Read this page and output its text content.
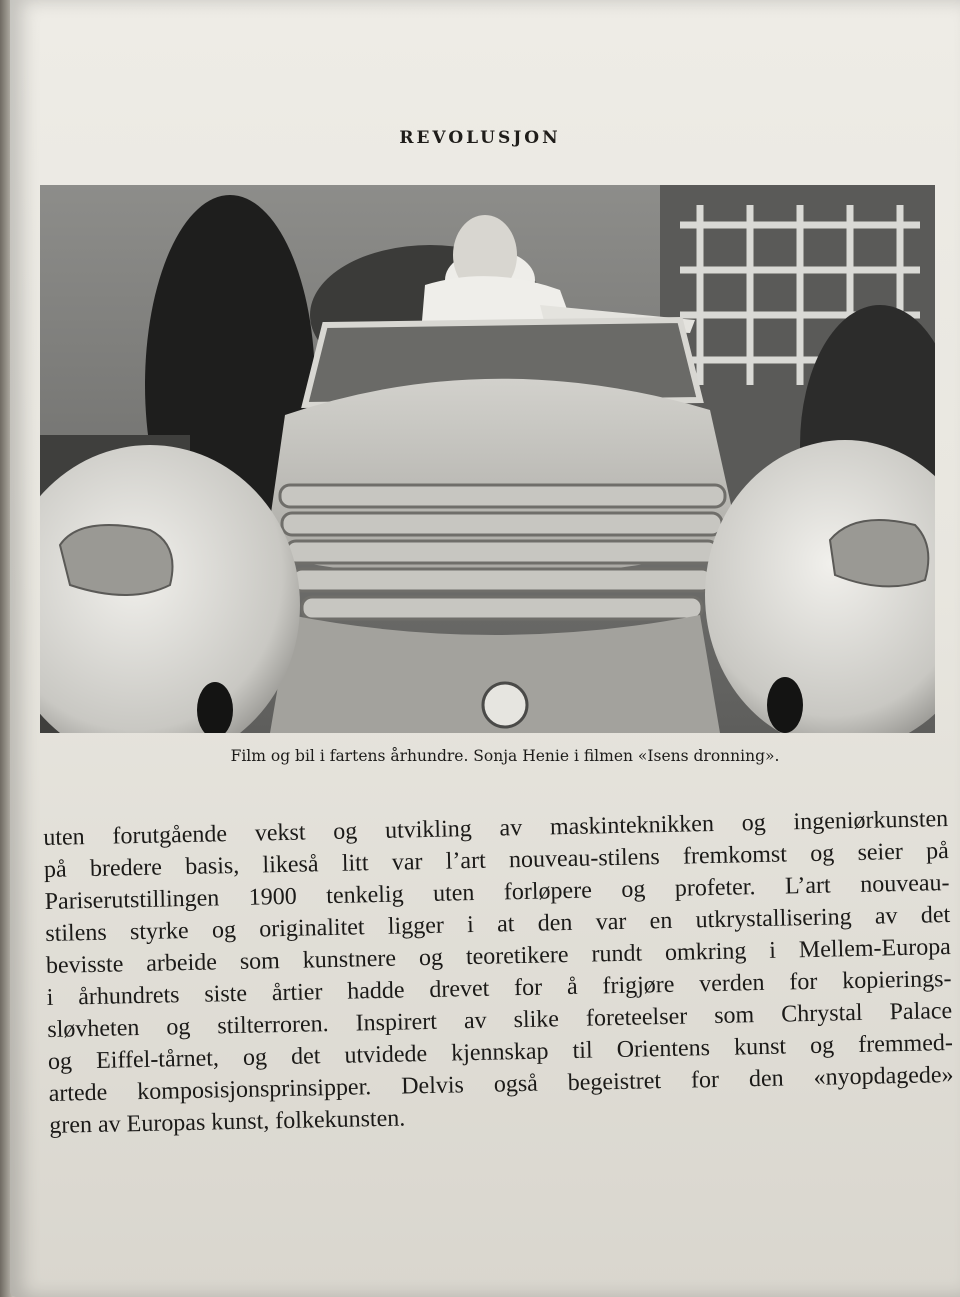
REVOLUSJON
Film og bil i fartens århundre. Sonja Henie i filmen «Isens dronning».
uten forutgående vekst og utvikling av maskinteknikken og ingeniørkunsten
på bredere basis, likeså litt var l’art nouveau-stilens fremkomst og seier på
Pariserutstillingen 1900 tenkelig uten forløpere og profeter. L’art nouveau-
stilens styrke og originalitet ligger i at den var en utkrystallisering av det
bevisste arbeide som kunstnere og teoretikere rundt omkring i Mellem-Europa
i århundrets siste årtier hadde drevet for å frigjøre verden for kopierings-
sløvheten og stilterroren. Inspirert av slike foreteelser som Chrystal Palace
og Eiffel-tårnet, og det utvidede kjennskap til Orientens kunst og fremmed-
artede komposisjonsprinsipper. Delvis også begeistret for den «nyopdagede»
gren av Europas kunst, folkekunsten.
